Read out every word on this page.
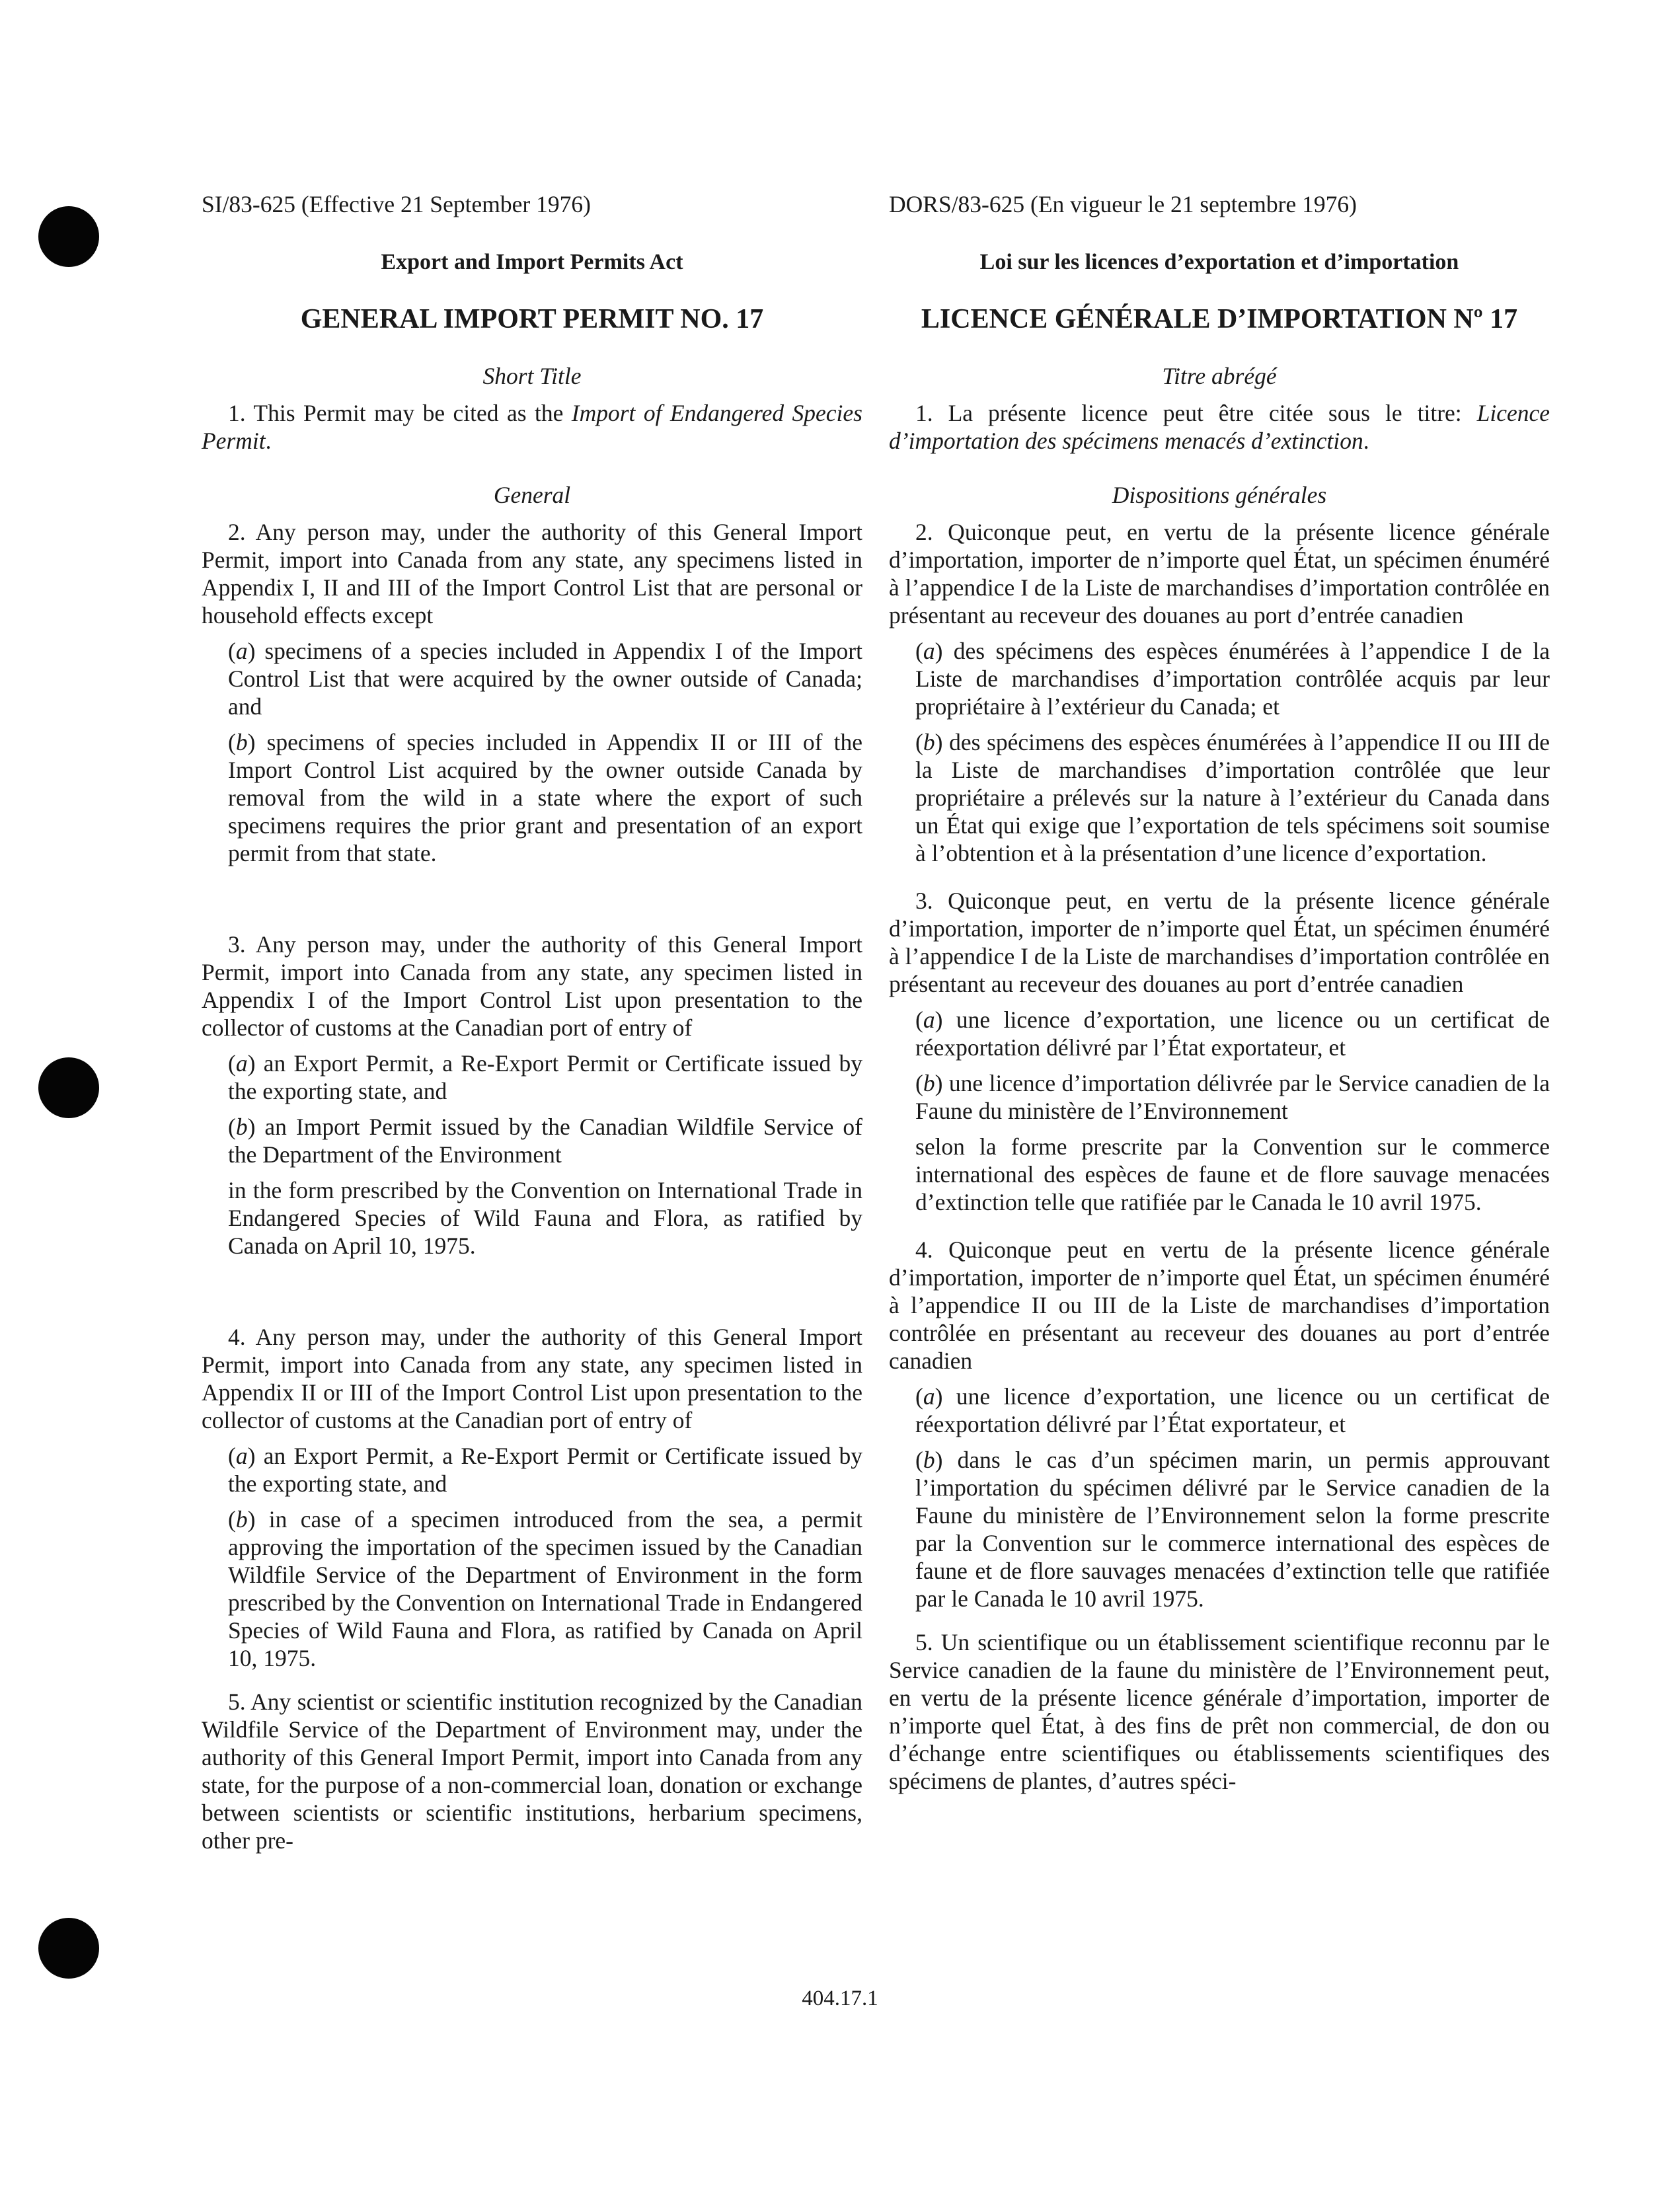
SI/83-625 (Effective 21 September 1976)

Export and Import Permits Act

GENERAL IMPORT PERMIT NO. 17

Short Title

1. This Permit may be cited as the Import of Endangered Species Permit.

General

2. Any person may, under the authority of this General Import Permit, import into Canada from any state, any specimens listed in Appendix I, II and III of the Import Control List that are personal or household effects except

(a) specimens of a species included in Appendix I of the Import Control List that were acquired by the owner outside of Canada; and

(b) specimens of species included in Appendix II or III of the Import Control List acquired by the owner outside Canada by removal from the wild in a state where the export of such specimens requires the prior grant and presentation of an export permit from that state.

3. Any person may, under the authority of this General Import Permit, import into Canada from any state, any specimen listed in Appendix I of the Import Control List upon presentation to the collector of customs at the Canadian port of entry of

(a) an Export Permit, a Re-Export Permit or Certificate issued by the exporting state, and

(b) an Import Permit issued by the Canadian Wildfile Service of the Department of the Environment

in the form prescribed by the Convention on International Trade in Endangered Species of Wild Fauna and Flora, as ratified by Canada on April 10, 1975.

4. Any person may, under the authority of this General Import Permit, import into Canada from any state, any specimen listed in Appendix II or III of the Import Control List upon presentation to the collector of customs at the Canadian port of entry of

(a) an Export Permit, a Re-Export Permit or Certificate issued by the exporting state, and

(b) in case of a specimen introduced from the sea, a permit approving the importation of the specimen issued by the Canadian Wildfile Service of the Department of Environment in the form prescribed by the Convention on International Trade in Endangered Species of Wild Fauna and Flora, as ratified by Canada on April 10, 1975.

5. Any scientist or scientific institution recognized by the Canadian Wildfile Service of the Department of Environment may, under the authority of this General Import Permit, import into Canada from any state, for the purpose of a non-commercial loan, donation or exchange between scientists or scientific institutions, herbarium specimens, other pre-

DORS/83-625 (En vigueur le 21 septembre 1976)

Loi sur les licences d’exportation et d’importation

LICENCE GÉNÉRALE D’IMPORTATION Nº 17

Titre abrégé

1. La présente licence peut être citée sous le titre: Licence d’importation des spécimens menacés d’extinction.

Dispositions générales

2. Quiconque peut, en vertu de la présente licence générale d’importation, importer de n’importe quel État, un spécimen énuméré à l’appendice I de la Liste de marchandises d’importation contrôlée en présentant au receveur des douanes au port d’entrée canadien

(a) des spécimens des espèces énumérées à l’appendice I de la Liste de marchandises d’importation contrôlée acquis par leur propriétaire à l’extérieur du Canada; et

(b) des spécimens des espèces énumérées à l’appendice II ou III de la Liste de marchandises d’importation contrôlée que leur propriétaire a prélevés sur la nature à l’extérieur du Canada dans un État qui exige que l’exportation de tels spécimens soit soumise à l’obtention et à la présentation d’une licence d’exportation.

3. Quiconque peut, en vertu de la présente licence générale d’importation, importer de n’importe quel État, un spécimen énuméré à l’appendice I de la Liste de marchandises d’importation contrôlée en présentant au receveur des douanes au port d’entrée canadien

(a) une licence d’exportation, une licence ou un certificat de réexportation délivré par l’État exportateur, et

(b) une licence d’importation délivrée par le Service canadien de la Faune du ministère de l’Environnement

selon la forme prescrite par la Convention sur le commerce international des espèces de faune et de flore sauvage menacées d’extinction telle que ratifiée par le Canada le 10 avril 1975.

4. Quiconque peut en vertu de la présente licence générale d’importation, importer de n’importe quel État, un spécimen énuméré à l’appendice II ou III de la Liste de marchandises d’importation contrôlée en présentant au receveur des douanes au port d’entrée canadien

(a) une licence d’exportation, une licence ou un certificat de réexportation délivré par l’État exportateur, et

(b) dans le cas d’un spécimen marin, un permis approuvant l’importation du spécimen délivré par le Service canadien de la Faune du ministère de l’Environnement selon la forme prescrite par la Convention sur le commerce international des espèces de faune et de flore sauvages menacées d’extinction telle que ratifiée par le Canada le 10 avril 1975.

5. Un scientifique ou un établissement scientifique reconnu par le Service canadien de la faune du ministère de l’Environnement peut, en vertu de la présente licence générale d’importation, importer de n’importe quel État, à des fins de prêt non commercial, de don ou d’échange entre scientifiques ou établissements scientifiques des spécimens de plantes, d’autres spéci-

404.17.1
